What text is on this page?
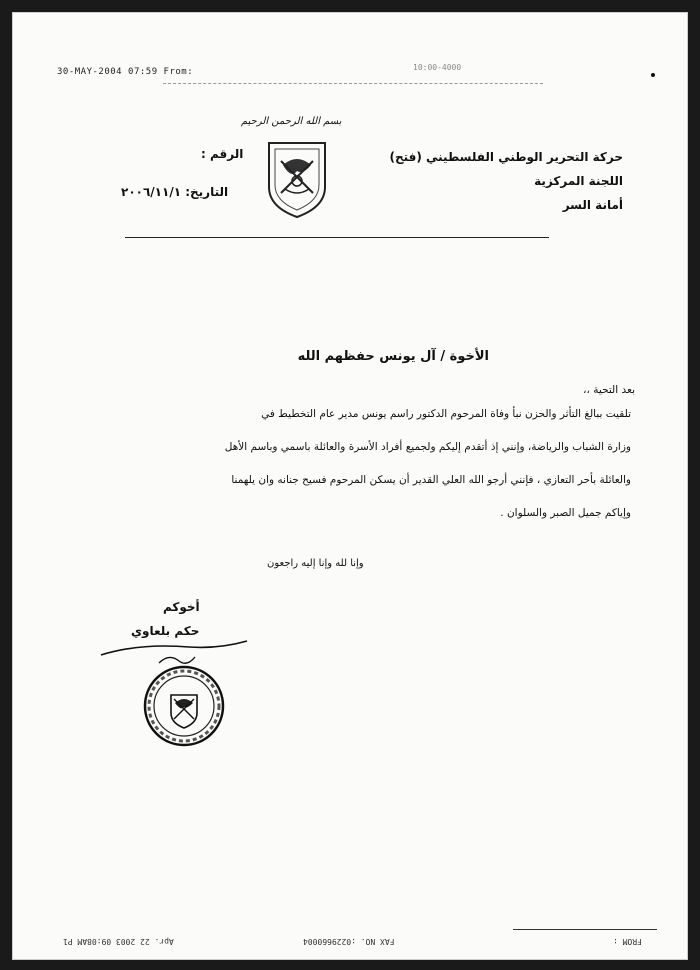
30-MAY-2004 07:59 From:	10:00-4000
بسم الله الرحمن الرحيم
حركة التحرير الوطني الفلسطيني (فتح)
اللجنة المركزية
أمانة السر
الرقم :
التاريخ: ٢٠٠٦/١١/١
الأخوة / آل يونس حفظهم الله
بعد التحية ،،
تلقيت ببالغ التأثر والحزن نبأ وفاة المرحوم الدكتور راسم يونس مدير عام التخطيط في
وزارة الشباب والرياضة، وإنني إذ أتقدم إليكم ولجميع أفراد الأسرة والعائلة باسمي وباسم الأهل
والعائلة بأحر التعازي ، فإنني أرجو الله العلي القدير أن يسكن المرحوم فسيح جنانه وان يلهمنا
وإياكم جميل الصبر والسلوان .
وإنا لله وإنا إليه راجعون
أخوكم
حكم بلعاوي
Apr. 22 2003 09:08AM P1	FAX NO. :0229660004	FROM :
